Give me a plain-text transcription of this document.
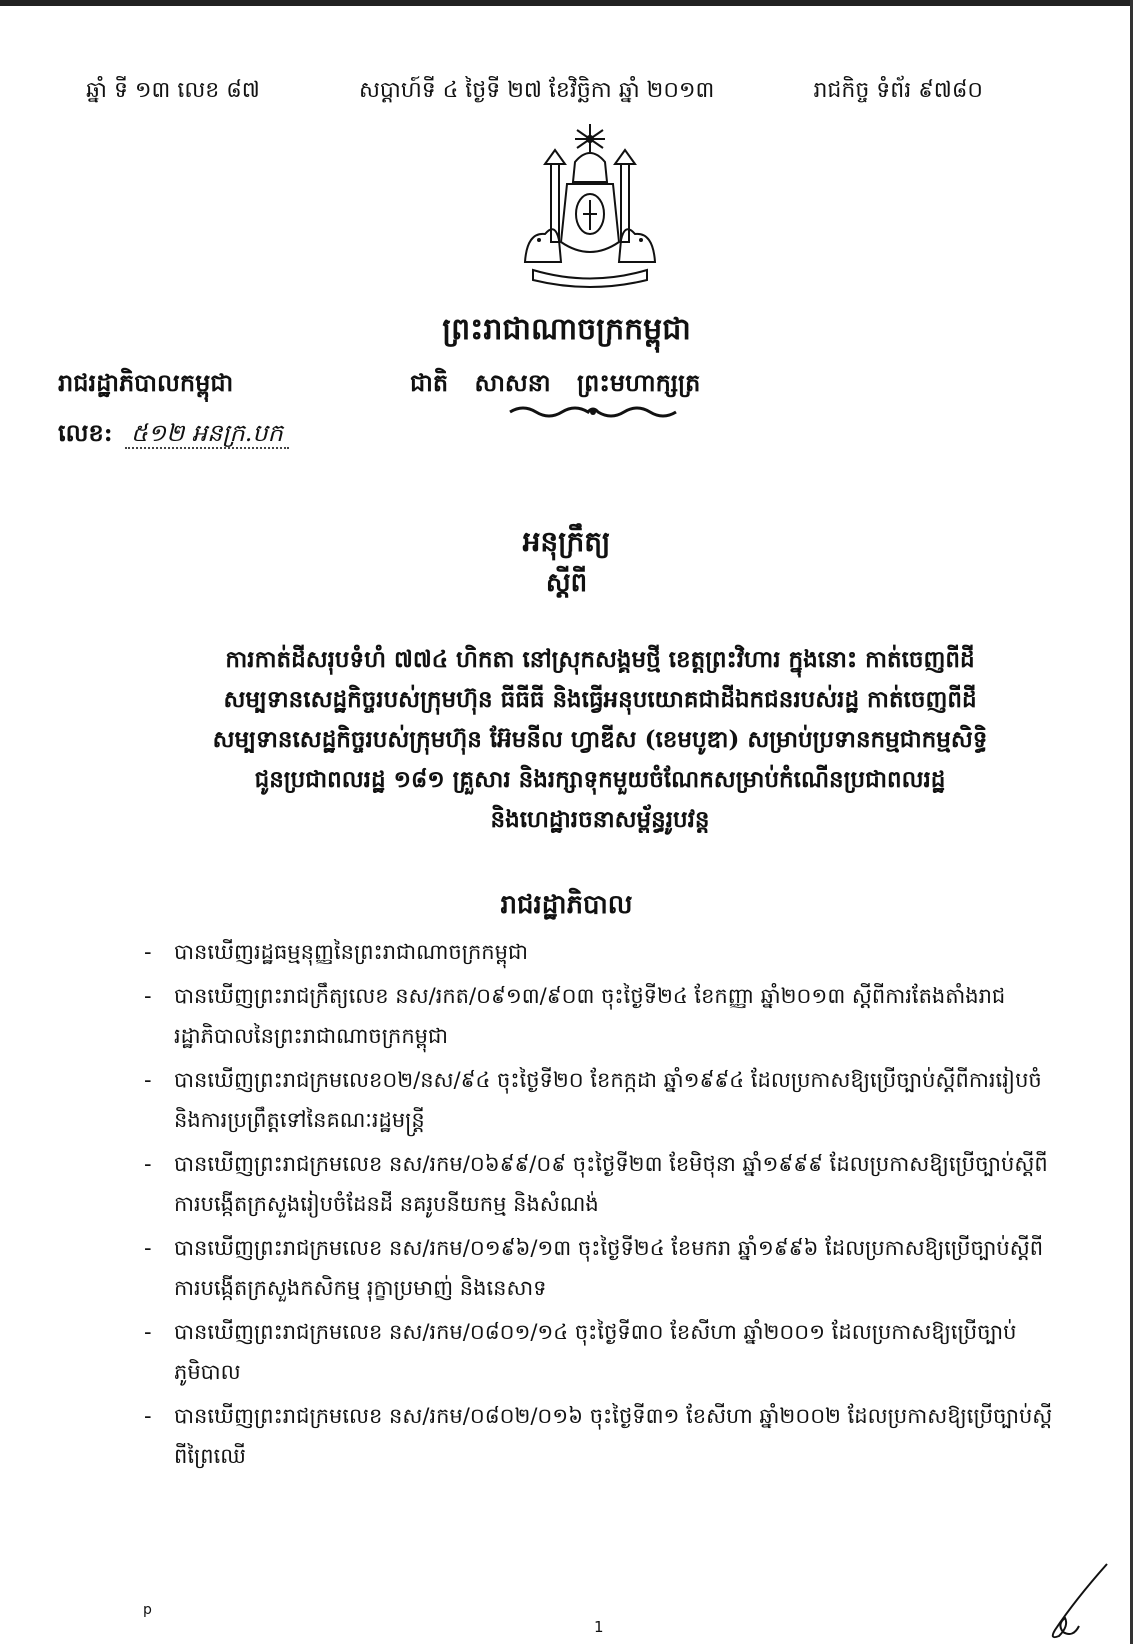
ឆ្នាំ ទី ១៣ លេខ ៨៧	សប្តាហ៍ទី ៤ ថ្ងៃទី ២៧ ខែវិច្ឆិកា ឆ្នាំ ២០១៣	រាជកិច្ច ទំព័រ ៩៧៨០
ព្រះរាជាណាចក្រកម្ពុជា
រាជរដ្ឋាភិបាលកម្ពុជា	ជាតិ សាសនា ព្រះមហាក្សត្រ
លេខ: ៥១២ អនក្រ.បក
អនុក្រឹត្យ
ស្តីពី
ការកាត់ដីសរុបទំហំ ៧៧៤ ហិកតា នៅស្រុកសង្គមថ្មី ខេត្តព្រះវិហារ ក្នុងនោះ កាត់ចេញពីដី
សម្បទានសេដ្ឋកិច្ចរបស់ក្រុមហ៊ុន ធីធីធី និងធ្វើអនុបយោគជាដីឯកជនរបស់រដ្ឋ កាត់ចេញពីដី
សម្បទានសេដ្ឋកិច្ចរបស់ក្រុមហ៊ុន អ៊ែមនីល ហ្វាឌីស (ខេមបូឌា) សម្រាប់ប្រទានកម្មជាកម្មសិទ្ធិ
ជូនប្រជាពលរដ្ឋ ១៨១ គ្រួសារ និងរក្សាទុកមួយចំណែកសម្រាប់កំណើនប្រជាពលរដ្ឋ
និងហេដ្ឋារចនាសម្ព័ន្ធរូបវន្ត
រាជរដ្ឋាភិបាល
- បានឃើញរដ្ឋធម្មនុញ្ញនៃព្រះរាជាណាចក្រកម្ពុជា
- បានឃើញព្រះរាជក្រឹត្យលេខ នស/រកត/០៩១៣/៩០៣ ចុះថ្ងៃទី២៤ ខែកញ្ញា ឆ្នាំ២០១៣ ស្តីពីការតែងតាំងរាជរដ្ឋាភិបាលនៃព្រះរាជាណាចក្រកម្ពុជា
- បានឃើញព្រះរាជក្រមលេខ០២/នស/៩៤ ចុះថ្ងៃទី២០ ខែកក្កដា ឆ្នាំ១៩៩៤ ដែលប្រកាសឱ្យប្រើច្បាប់ស្តីពីការរៀបចំនិងការប្រព្រឹត្តទៅនៃគណៈរដ្ឋមន្ត្រី
- បានឃើញព្រះរាជក្រមលេខ នស/រកម/០៦៩៩/០៩ ចុះថ្ងៃទី២៣ ខែមិថុនា ឆ្នាំ១៩៩៩ ដែលប្រកាសឱ្យប្រើច្បាប់ស្តីពីការបង្កើតក្រសួងរៀបចំដែនដី នគរូបនីយកម្ម និងសំណង់
- បានឃើញព្រះរាជក្រមលេខ នស/រកម/០១៩៦/១៣ ចុះថ្ងៃទី២៤ ខែមករា ឆ្នាំ១៩៩៦ ដែលប្រកាសឱ្យប្រើច្បាប់ស្តីពីការបង្កើតក្រសួងកសិកម្ម រុក្ខាប្រមាញ់ និងនេសាទ
- បានឃើញព្រះរាជក្រមលេខ នស/រកម/០៨០១/១៤ ចុះថ្ងៃទី៣០ ខែសីហា ឆ្នាំ២០០១ ដែលប្រកាសឱ្យប្រើច្បាប់ភូមិបាល
- បានឃើញព្រះរាជក្រមលេខ នស/រកម/០៨០២/០១៦ ចុះថ្ងៃទី៣១ ខែសីហា ឆ្នាំ២០០២ ដែលប្រកាសឱ្យប្រើច្បាប់ស្តីពីព្រៃឈើ
p
1
